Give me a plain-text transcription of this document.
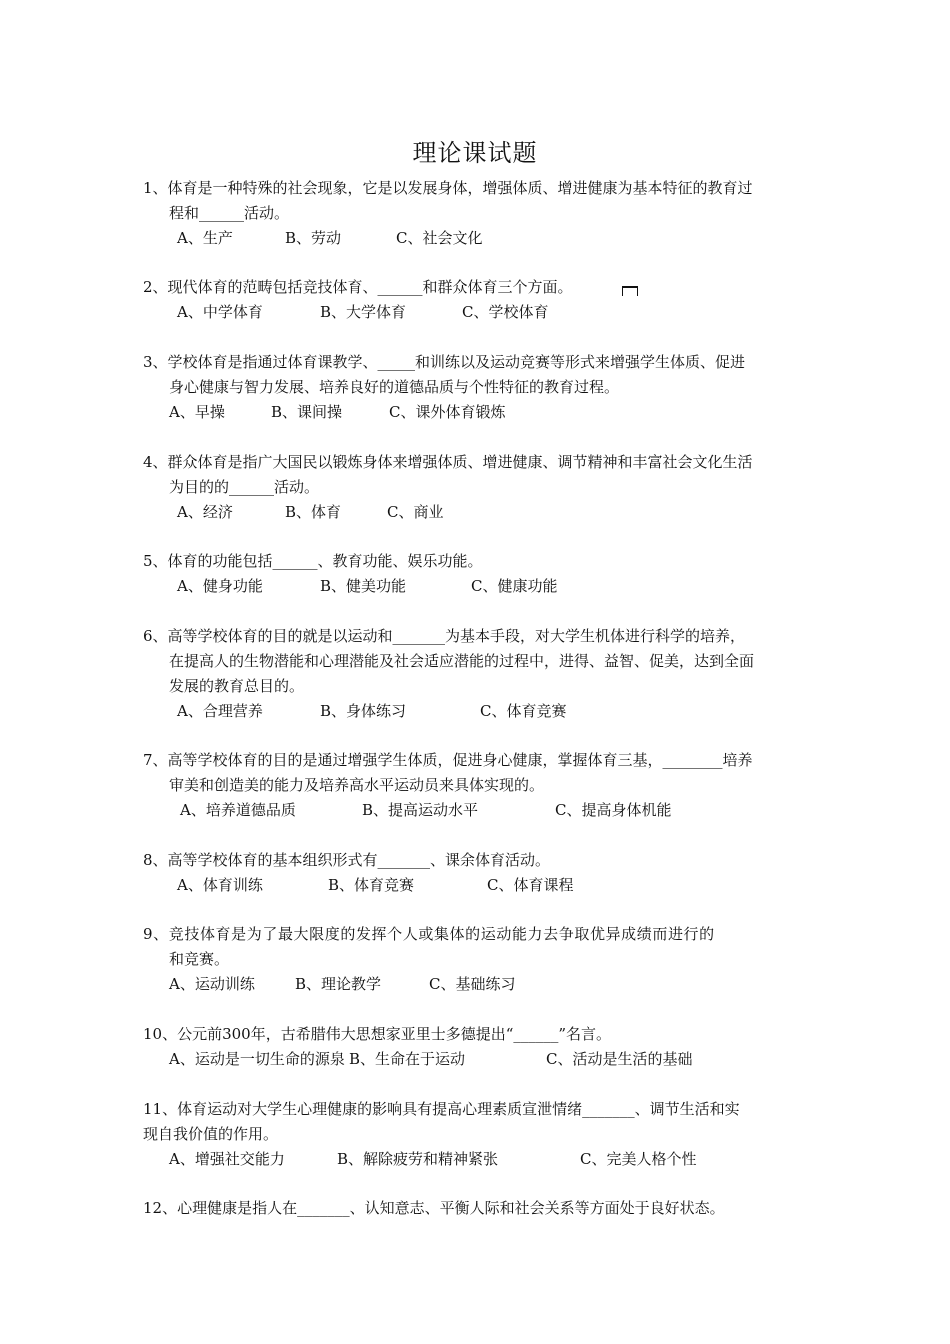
理论课试题
1、体育是一种特殊的社会现象，它是以发展身体，增强体质、增进健康为基本特征的教育过
程和______活动。
A、生产	B、劳动	C、社会文化
2、现代体育的范畴包括竞技体育、______和群众体育三个方面。
A、中学体育	B、大学体育	C、学校体育
3、学校体育是指通过体育课教学、_____和训练以及运动竞赛等形式来增强学生体质、促进
身心健康与智力发展、培养良好的道德品质与个性特征的教育过程。
A、早操	B、课间操	C、课外体育锻炼
4、群众体育是指广大国民以锻炼身体来增强体质、增进健康、调节精神和丰富社会文化生活
为目的的______活动。
A、经济	B、体育	C、商业
5、体育的功能包括______、教育功能、娱乐功能。
A、健身功能	B、健美功能	C、健康功能
6、高等学校体育的目的就是以运动和_______为基本手段，对大学生机体进行科学的培养，
在提高人的生物潜能和心理潜能及社会适应潜能的过程中，进得、益智、促美，达到全面
发展的教育总目的。
A、合理营养	B、身体练习	C、体育竞赛
7、高等学校体育的目的是通过增强学生体质，促进身心健康，掌握体育三基，________培养
审美和创造美的能力及培养高水平运动员来具体实现的。
A、培养道德品质	B、提高运动水平	C、提高身体机能
8、高等学校体育的基本组织形式有_______、课余体育活动。
A、体育训练	B、体育竞赛	C、体育课程
9、竞技体育是为了最大限度的发挥个人或集体的运动能力去争取优异成绩而进行的
和竞赛。
A、运动训练	B、理论教学	C、基础练习
10、公元前300年，古希腊伟大思想家亚里士多德提出“______”名言。
A、运动是一切生命的源泉 B、生命在于运动	C、活动是生活的基础
11、体育运动对大学生心理健康的影响具有提高心理素质宣泄情绪_______、调节生活和实
现自我价值的作用。
A、增强社交能力	B、解除疲劳和精神紧张	C、完美人格个性
12、心理健康是指人在_______、认知意志、平衡人际和社会关系等方面处于良好状态。
